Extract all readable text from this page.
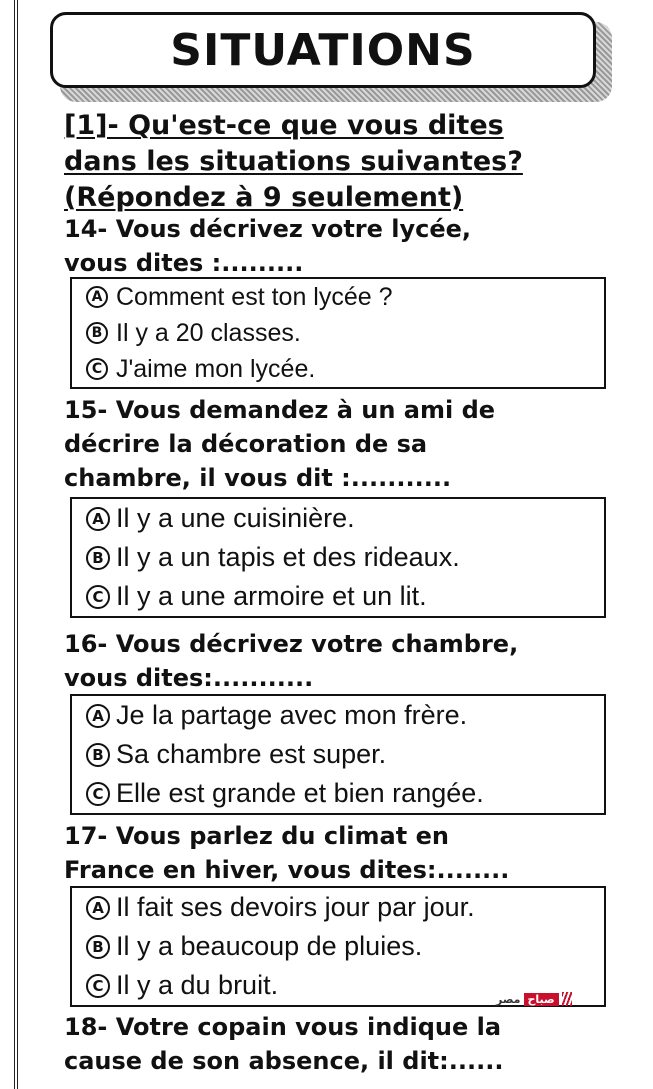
SITUATIONS
[1]- Qu'est-ce que vous dites
dans les situations suivantes?
(Répondez à 9 seulement)
14- Vous décrivez votre lycée,
vous dites :.........
A Comment est ton lycée ?
B Il y a 20 classes.
C J'aime mon lycée.
15- Vous demandez à un ami de
décrire la décoration de sa
chambre, il vous dit :...........
A Il y a une cuisinière.
B Il y a un tapis et des rideaux.
C Il y a une armoire et un lit.
16- Vous décrivez votre chambre,
vous dites:...........
A Je la partage avec mon frère.
B Sa chambre est super.
C Elle est grande et bien rangée.
17- Vous parlez du climat en
France en hiver, vous dites:........
A Il fait ses devoirs jour par jour.
B Il y a beaucoup de pluies.
C Il y a du bruit.	مصر صباح
18- Votre copain vous indique la
cause de son absence, il dit:......
